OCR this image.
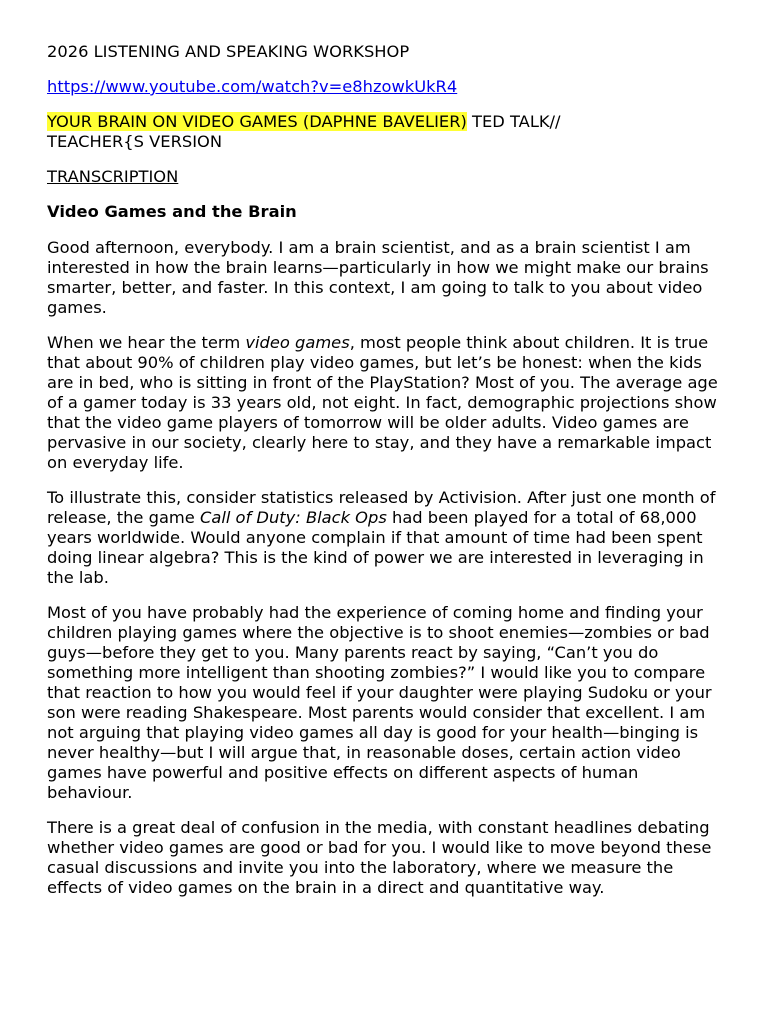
2026 LISTENING AND SPEAKING WORKSHOP
https://www.youtube.com/watch?v=e8hzowkUkR4
YOUR BRAIN ON VIDEO GAMES (DAPHNE BAVELIER) TED TALK//
TEACHER{S VERSION
TRANSCRIPTION
Video Games and the Brain

Good afternoon, everybody. I am a brain scientist, and as a brain scientist I am interested in how the brain learns—particularly in how we might make our brains smarter, better, and faster. In this context, I am going to talk to you about video games.

When we hear the term video games, most people think about children. It is true that about 90% of children play video games, but let’s be honest: when the kids are in bed, who is sitting in front of the PlayStation? Most of you. The average age of a gamer today is 33 years old, not eight. In fact, demographic projections show that the video game players of tomorrow will be older adults. Video games are pervasive in our society, clearly here to stay, and they have a remarkable impact on everyday life.

To illustrate this, consider statistics released by Activision. After just one month of release, the game Call of Duty: Black Ops had been played for a total of 68,000 years worldwide. Would anyone complain if that amount of time had been spent doing linear algebra? This is the kind of power we are interested in leveraging in the lab.

Most of you have probably had the experience of coming home and finding your children playing games where the objective is to shoot enemies—zombies or bad guys—before they get to you. Many parents react by saying, “Can’t you do something more intelligent than shooting zombies?” I would like you to compare that reaction to how you would feel if your daughter were playing Sudoku or your son were reading Shakespeare. Most parents would consider that excellent. I am not arguing that playing video games all day is good for your health—binging is never healthy—but I will argue that, in reasonable doses, certain action video games have powerful and positive effects on different aspects of human behaviour.

There is a great deal of confusion in the media, with constant headlines debating whether video games are good or bad for you. I would like to move beyond these casual discussions and invite you into the laboratory, where we measure the effects of video games on the brain in a direct and quantitative way.
